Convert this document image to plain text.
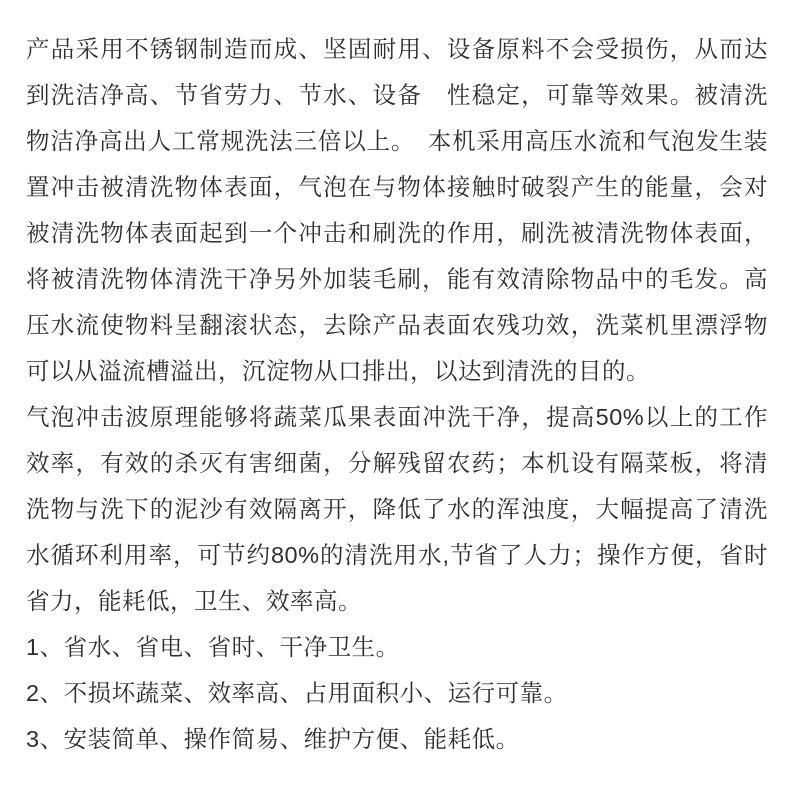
产品采用不锈钢制造而成、坚固耐用、设备原料不会受损伤，从而达到洗洁净高、节省劳力、节水、设备　性稳定，可靠等效果。被清洗物洁净高出人工常规洗法三倍以上。　本机采用高压水流和气泡发生装置冲击被清洗物体表面，气泡在与物体接触时破裂产生的能量，会对被清洗物体表面起到一个冲击和刷洗的作用，刷洗被清洗物体表面，将被清洗物体清洗干净另外加装毛刷，能有效清除物品中的毛发。高压水流使物料呈翻滚状态，去除产品表面农残功效，洗菜机里漂浮物可以从溢流槽溢出，沉淀物从口排出，以达到清洗的目的。

气泡冲击波原理能够将蔬菜瓜果表面冲洗干净，提高50%以上的工作效率，有效的杀灭有害细菌，分解残留农药；本机设有隔菜板，将清洗物与洗下的泥沙有效隔离开，降低了水的浑浊度，大幅提高了清洗水循环利用率，可节约80%的清洗用水,节省了人力；操作方便，省时省力，能耗低，卫生、效率高。

1、省水、省电、省时、干净卫生。

2、不损坏蔬菜、效率高、占用面积小、运行可靠。

3、安装简单、操作简易、维护方便、能耗低。
